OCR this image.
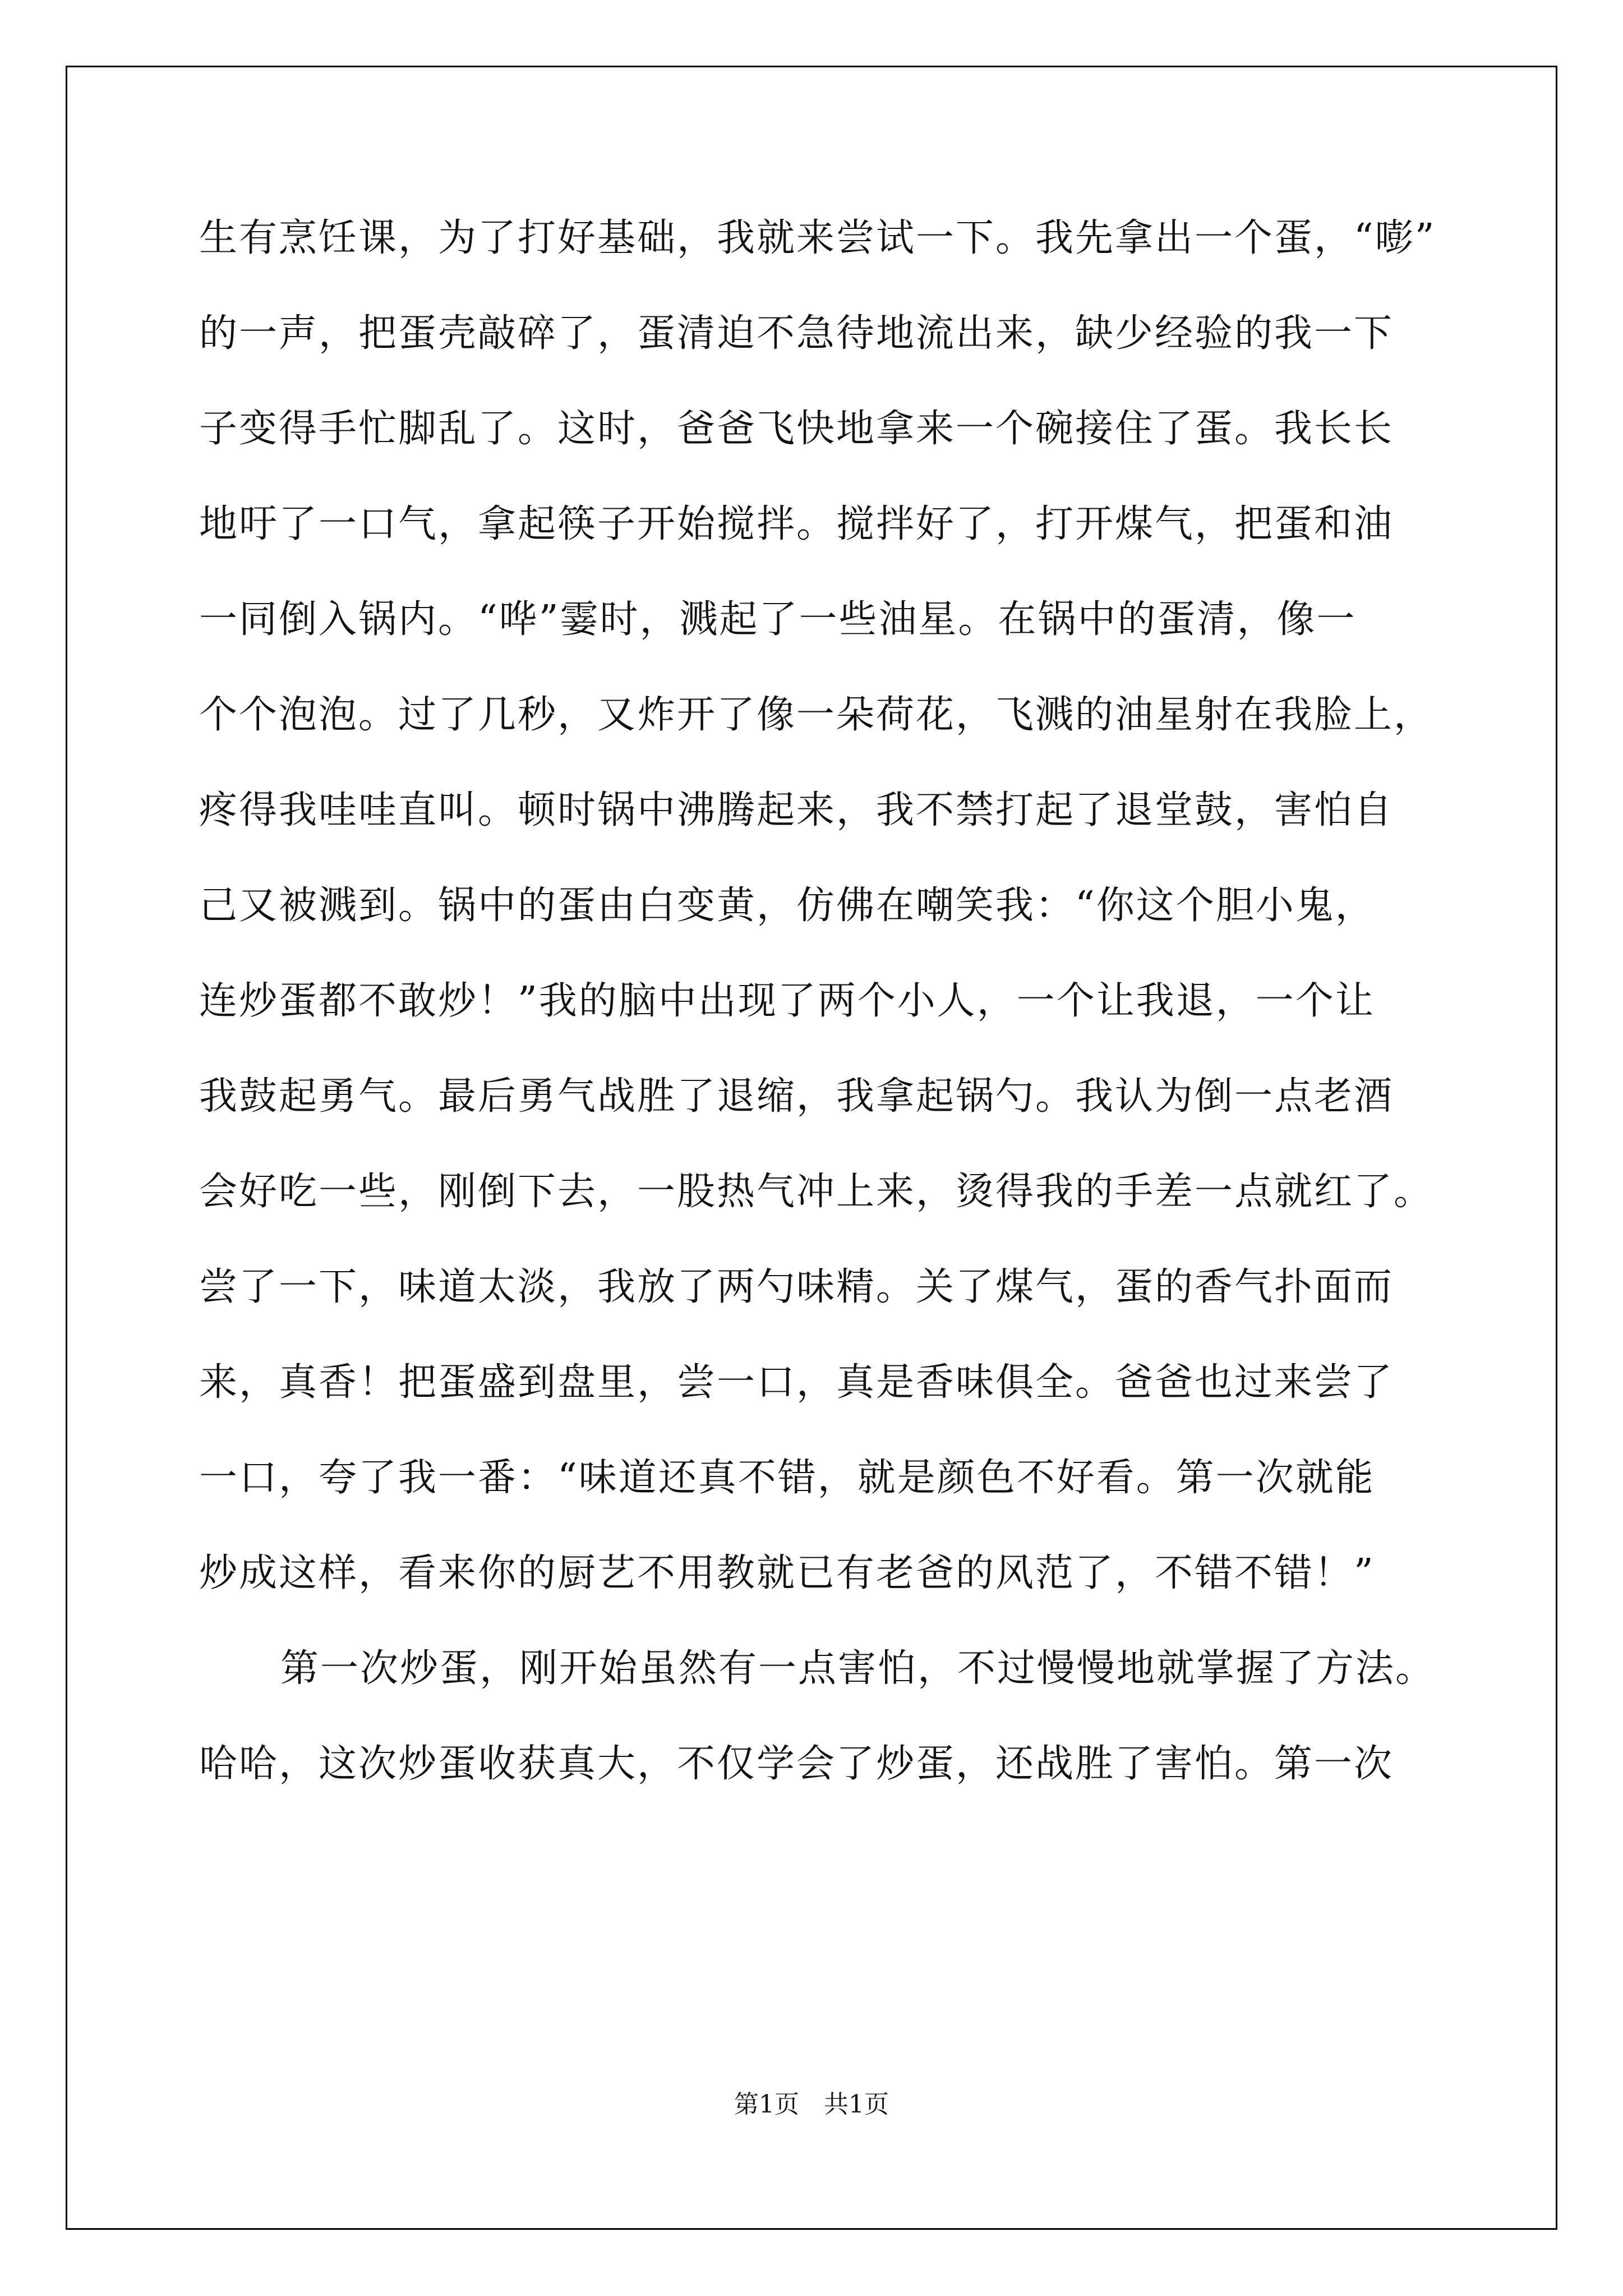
生有烹饪课，为了打好基础，我就来尝试一下。我先拿出一个蛋，“嘭”
的一声，把蛋壳敲碎了，蛋清迫不急待地流出来，缺少经验的我一下
子变得手忙脚乱了。这时，爸爸飞快地拿来一个碗接住了蛋。我长长
地吁了一口气，拿起筷子开始搅拌。搅拌好了，打开煤气，把蛋和油
一同倒入锅内。“哗”霎时，溅起了一些油星。在锅中的蛋清，像一
个个泡泡。过了几秒，又炸开了像一朵荷花，飞溅的油星射在我脸上，
疼得我哇哇直叫。顿时锅中沸腾起来，我不禁打起了退堂鼓，害怕自
己又被溅到。锅中的蛋由白变黄，仿佛在嘲笑我：“你这个胆小鬼，
连炒蛋都不敢炒！”我的脑中出现了两个小人，一个让我退，一个让
我鼓起勇气。最后勇气战胜了退缩，我拿起锅勺。我认为倒一点老酒
会好吃一些，刚倒下去，一股热气冲上来，烫得我的手差一点就红了。
尝了一下，味道太淡，我放了两勺味精。关了煤气，蛋的香气扑面而
来，真香！把蛋盛到盘里，尝一口，真是香味俱全。爸爸也过来尝了
一口，夸了我一番：“味道还真不错，就是颜色不好看。第一次就能
炒成这样，看来你的厨艺不用教就已有老爸的风范了，不错不错！”
第一次炒蛋，刚开始虽然有一点害怕，不过慢慢地就掌握了方法。
哈哈，这次炒蛋收获真大，不仅学会了炒蛋，还战胜了害怕。第一次
第1页　共1页
